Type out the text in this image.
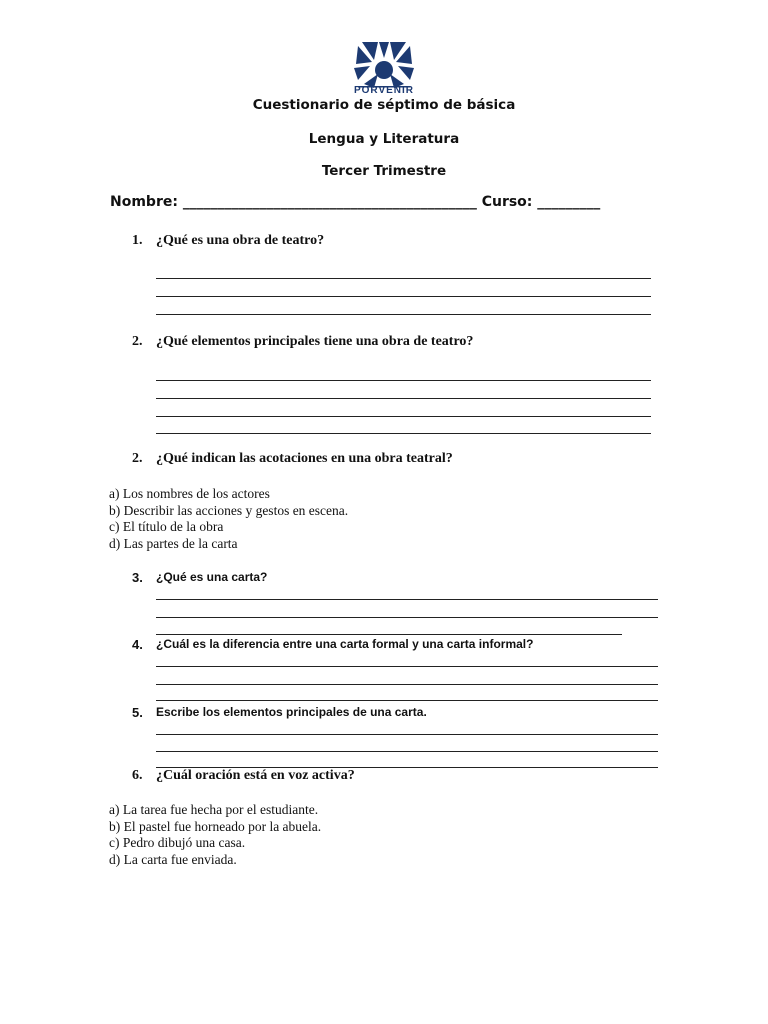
PORVENIR
Cuestionario de séptimo de básica
Lengua y Literatura
Tercer Trimestre
Nombre: __________________________________________ Curso: _________
1. ¿Qué es una obra de teatro?
2. ¿Qué elementos principales tiene una obra de teatro?
2. ¿Qué indican las acotaciones en una obra teatral?
a) Los nombres de los actores
b) Describir las acciones y gestos en escena.
c) El título de la obra
d) Las partes de la carta
3. ¿Qué es una carta?
4. ¿Cuál es la diferencia entre una carta formal y una carta informal?
5. Escribe los elementos principales de una carta.
6. ¿Cuál oración está en voz activa?
a) La tarea fue hecha por el estudiante.
b) El pastel fue horneado por la abuela.
c) Pedro dibujó una casa.
d) La carta fue enviada.
